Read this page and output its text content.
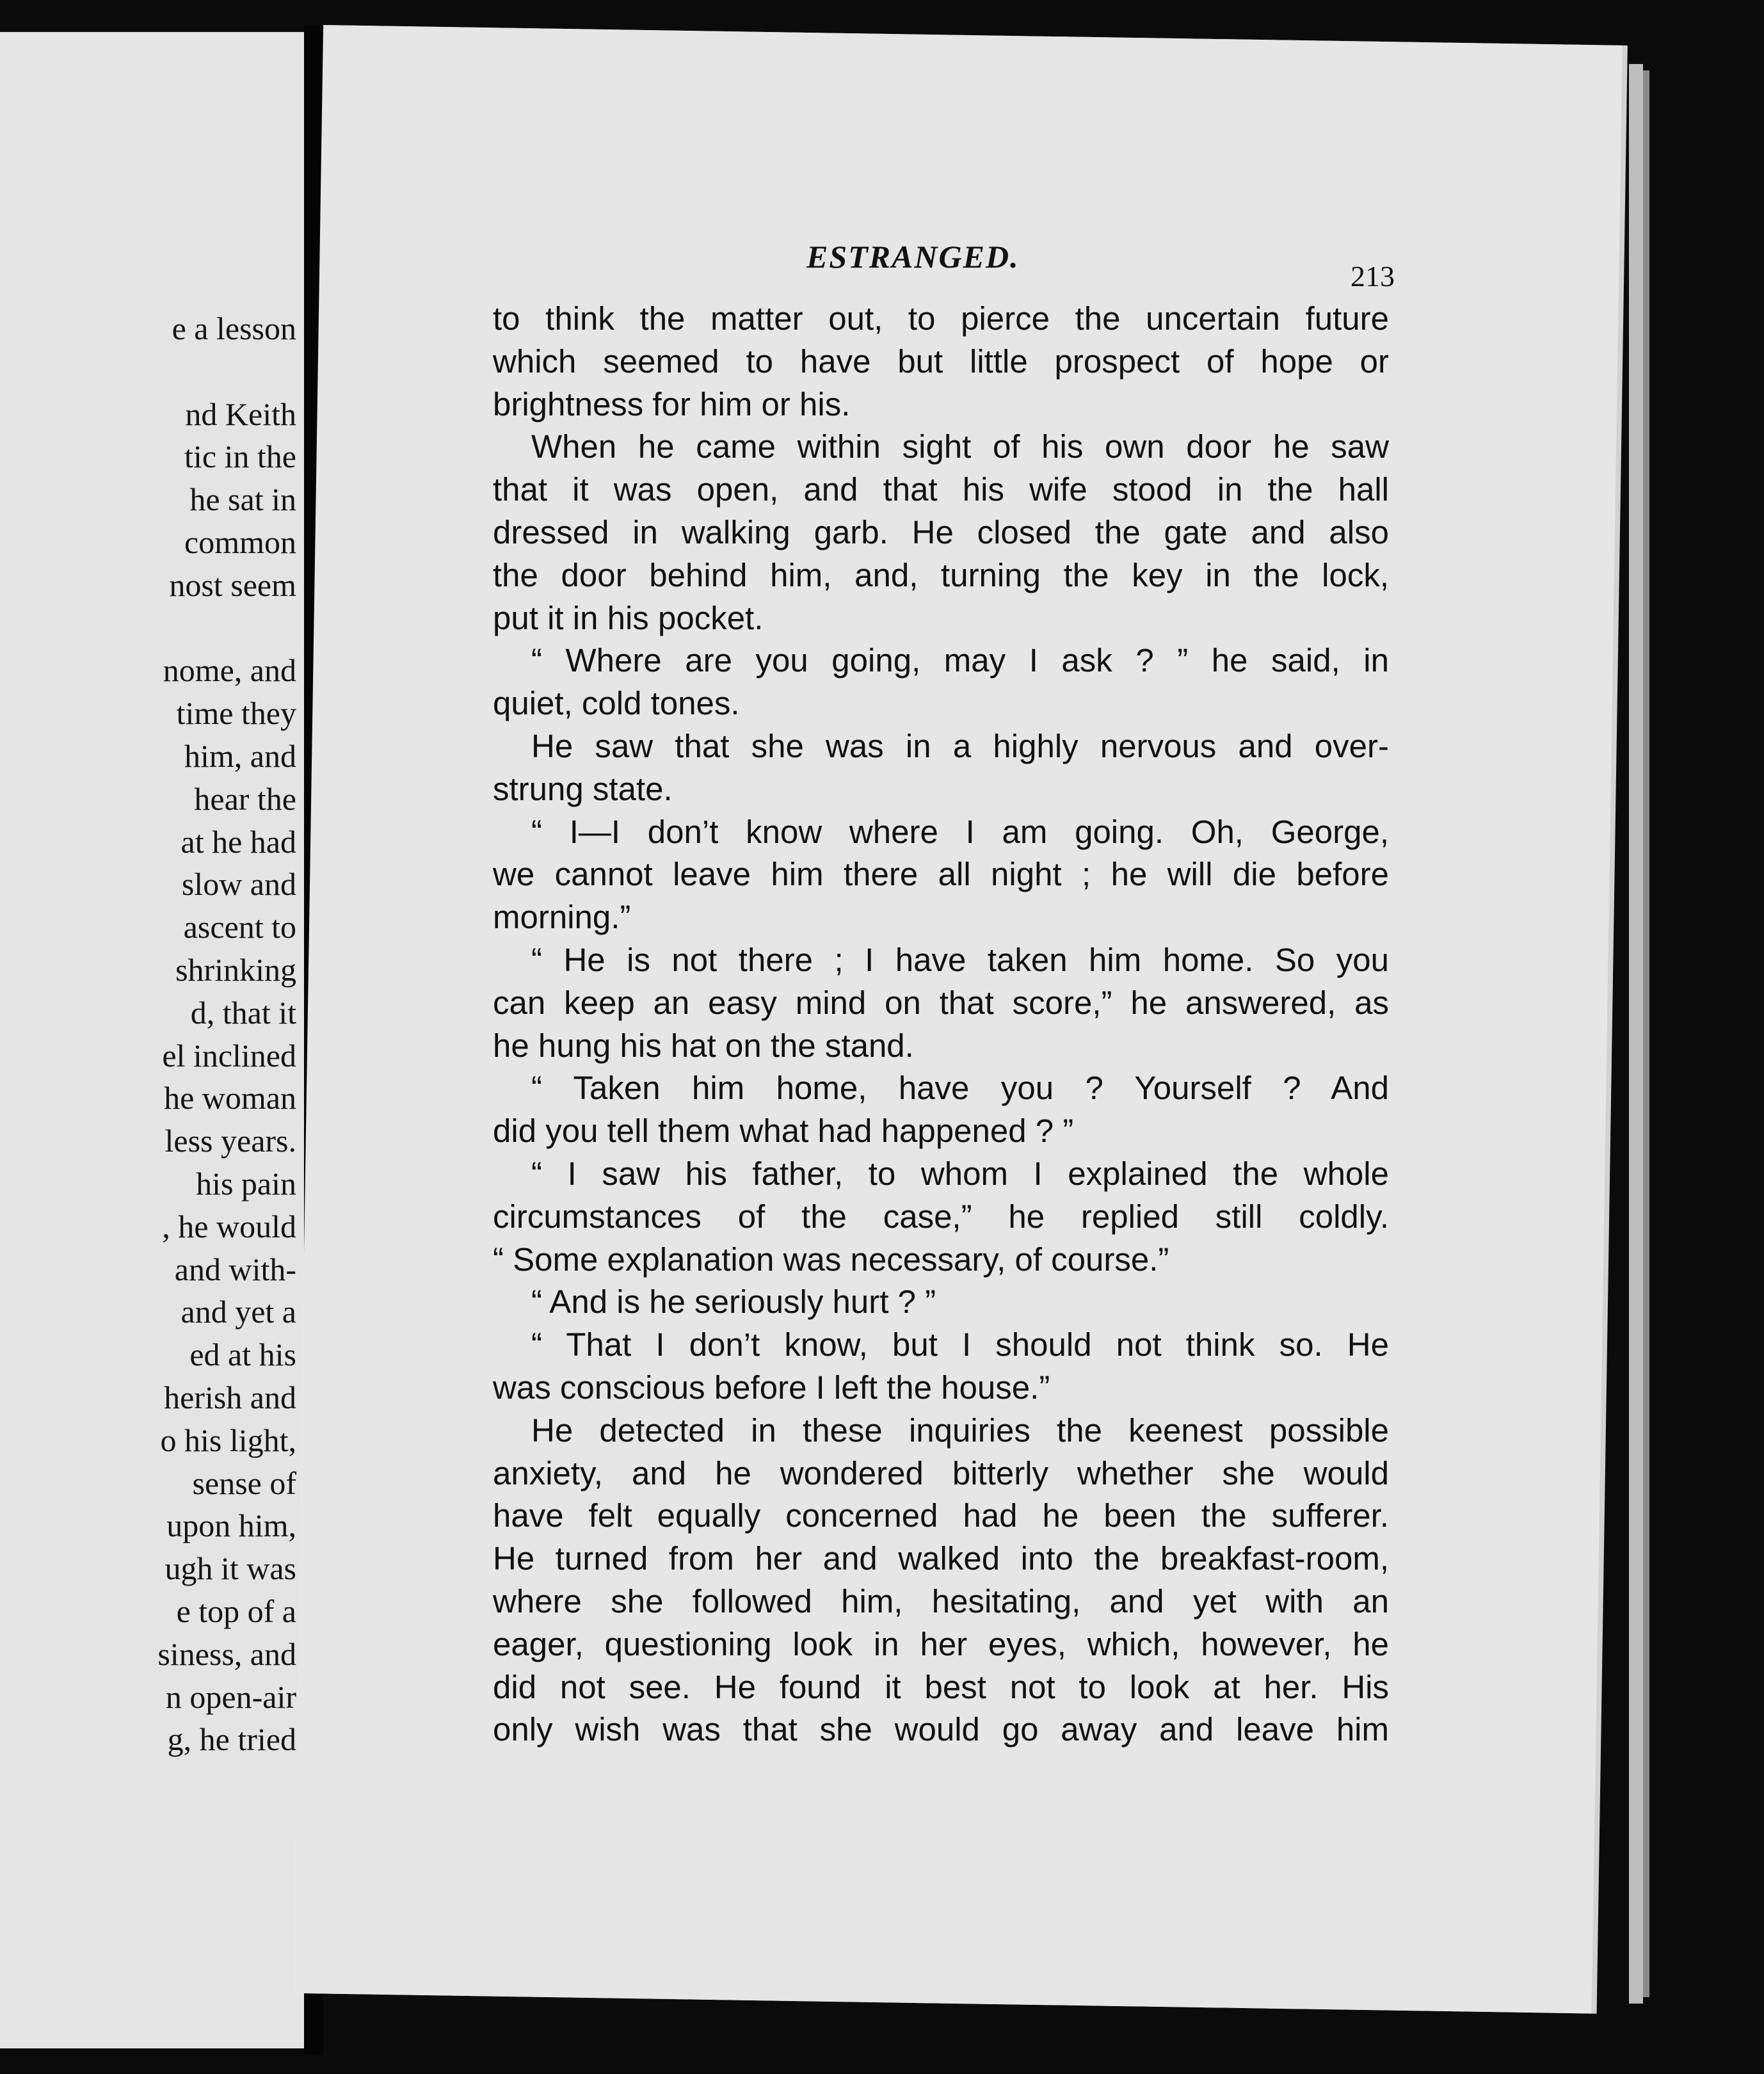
e a lesson
nd Keith
tic in the
he sat in
common
nost seem
nome, and
time they
him, and
hear the
at he had
slow and
ascent to
shrinking
d, that it
el inclined
he woman
less years.
his pain
, he would
and with-
and yet a
ed at his
herish and
o his light,
sense of
upon him,
ugh it was
e top of a
siness, and
n open-air
g, he tried
ESTRANGED.
213
to think the matter out, to pierce the uncertain future
which seemed to have but little prospect of hope or
brightness for him or his.
When he came within sight of his own door he saw
that it was open, and that his wife stood in the hall
dressed in walking garb. He closed the gate and also
the door behind him, and, turning the key in the lock,
put it in his pocket.
“ Where are you going, may I ask ? ” he said, in
quiet, cold tones.
He saw that she was in a highly nervous and over-
strung state.
“ I—I don’t know where I am going. Oh, George,
we cannot leave him there all night ; he will die before
morning.”
“ He is not there ; I have taken him home. So you
can keep an easy mind on that score,” he answered, as
he hung his hat on the stand.
“ Taken him home, have you ? Yourself ? And
did you tell them what had happened ? ”
“ I saw his father, to whom I explained the whole
circumstances of the case,” he replied still coldly.
“ Some explanation was necessary, of course.”
“ And is he seriously hurt ? ”
“ That I don’t know, but I should not think so. He
was conscious before I left the house.”
He detected in these inquiries the keenest possible
anxiety, and he wondered bitterly whether she would
have felt equally concerned had he been the sufferer.
He turned from her and walked into the breakfast-room,
where she followed him, hesitating, and yet with an
eager, questioning look in her eyes, which, however, he
did not see. He found it best not to look at her. His
only wish was that she would go away and leave him
